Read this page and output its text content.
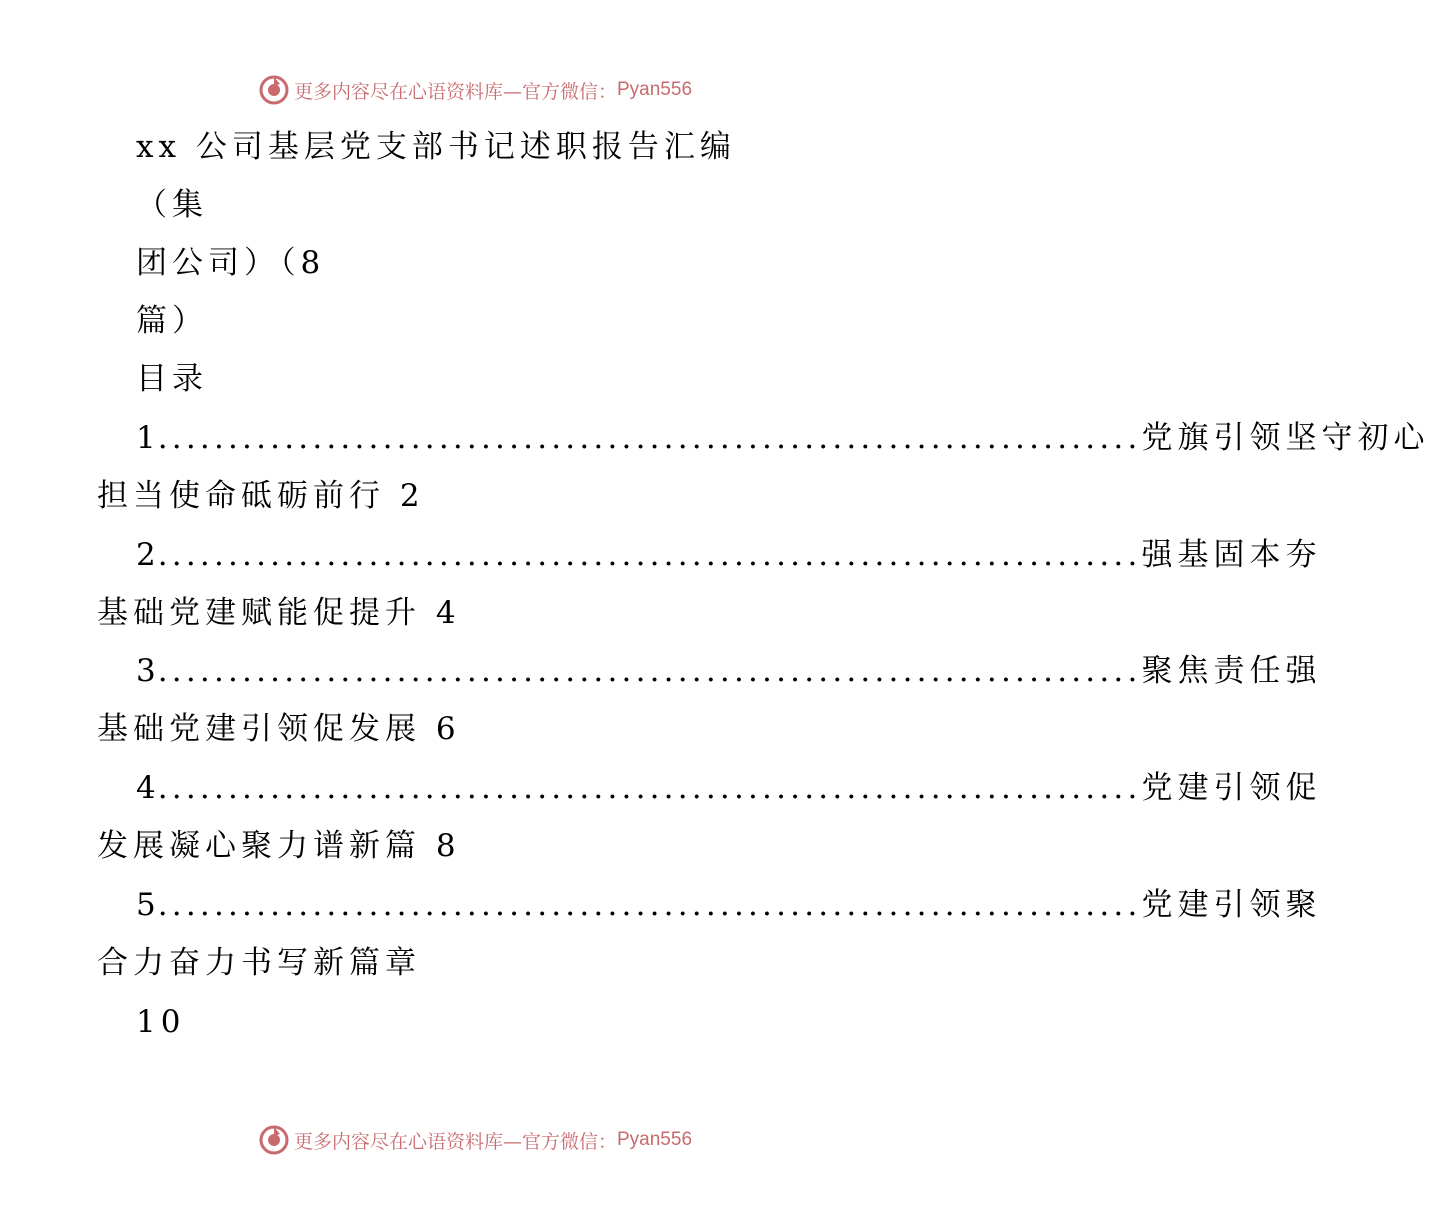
更多内容尽在心语资料库—官方微信： Pyan556
xx 公司基层党支部书记述职报告汇编
（集
团公司）（8
篇）
目录
1 ...................................................................... 党旗引领坚守初心
担当使命砥砺前行 2
2 ...................................................................... 强基固本夯
基础党建赋能促提升 4
3 ...................................................................... 聚焦责任强
基础党建引领促发展 6
4 ...................................................................... 党建引领促
发展凝心聚力谱新篇 8
5 ...................................................................... 党建引领聚
合力奋力书写新篇章
10
更多内容尽在心语资料库—官方微信： Pyan556
